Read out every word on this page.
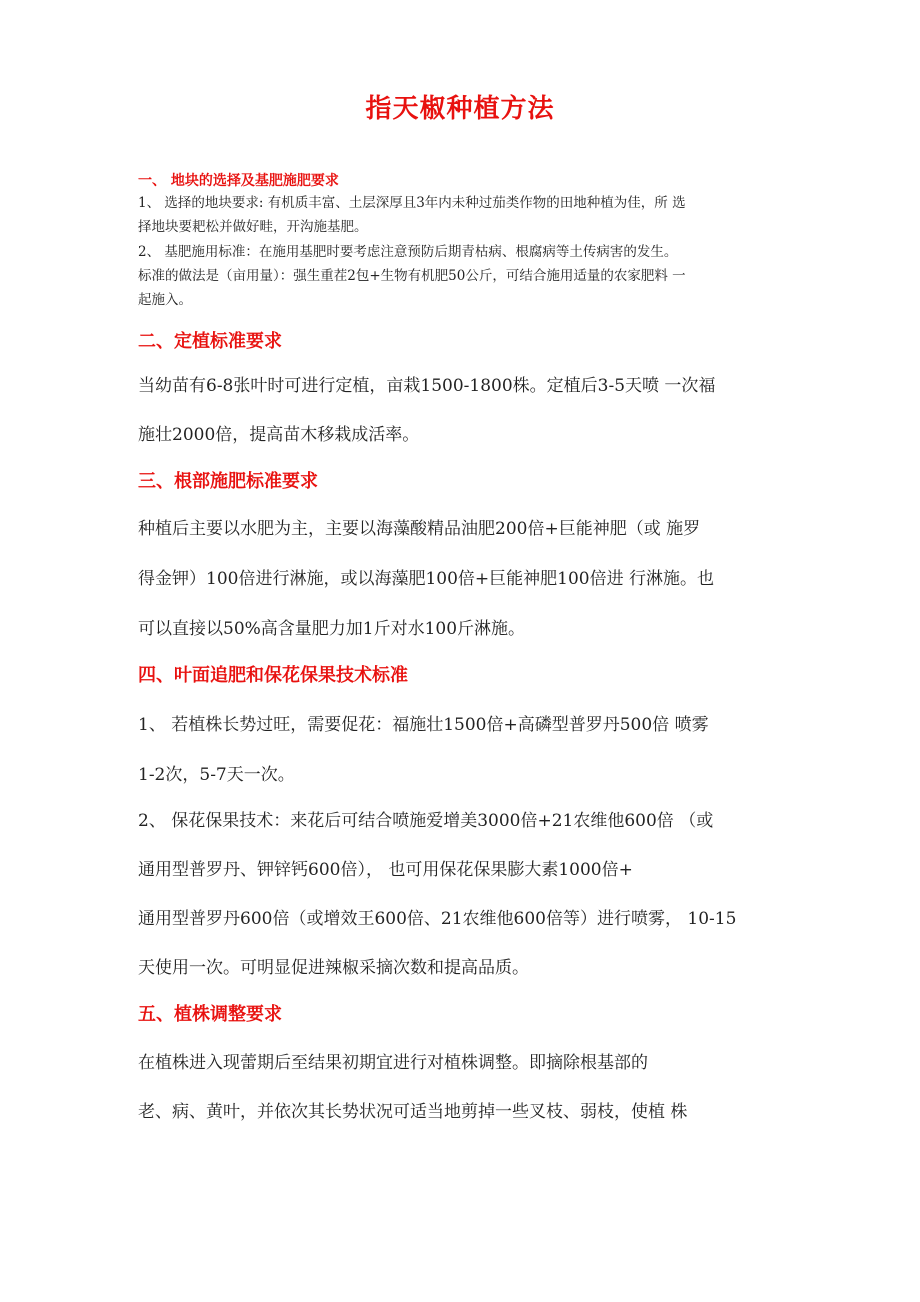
指天椒种植方法
一、 地块的选择及基肥施肥要求
1、 选择的地块要求: 有机质丰富、土层深厚且3年内未种过茄类作物的田地种植为佳，所 选
择地块要耙松并做好畦，开沟施基肥。
2、 基肥施用标准：在施用基肥时要考虑注意预防后期青枯病、根腐病等土传病害的发生。
标准的做法是（亩用量）：强生重茬2包+生物有机肥50公斤，可结合施用适量的农家肥料 一
起施入。
二、定植标准要求
当幼苗有6-8张叶时可进行定植，亩栽1500-1800株。定植后3-5天喷 一次福
施壮2000倍，提高苗木移栽成活率。
三、根部施肥标准要求
种植后主要以水肥为主，主要以海藻酸精品油肥200倍+巨能神肥（或 施罗
得金钾）100倍进行淋施，或以海藻肥100倍+巨能神肥100倍进 行淋施。也
可以直接以50%高含量肥力加1斤对水100斤淋施。
四、叶面追肥和保花保果技术标准
1、 若植株长势过旺，需要促花：福施壮1500倍+高磷型普罗丹500倍 喷雾
1-2次，5-7天一次。
2、 保花保果技术：来花后可结合喷施爱增美3000倍+21农维他600倍 （或
通用型普罗丹、钾锌钙600倍）， 也可用保花保果膨大素1000倍+
通用型普罗丹600倍（或增效王600倍、21农维他600倍等）进行喷雾， 10-15
天使用一次。可明显促进辣椒采摘次数和提高品质。
五、植株调整要求
在植株进入现蕾期后至结果初期宜进行对植株调整。即摘除根基部的
老、病、黄叶，并依次其长势状况可适当地剪掉一些叉枝、弱枝，使植 株
